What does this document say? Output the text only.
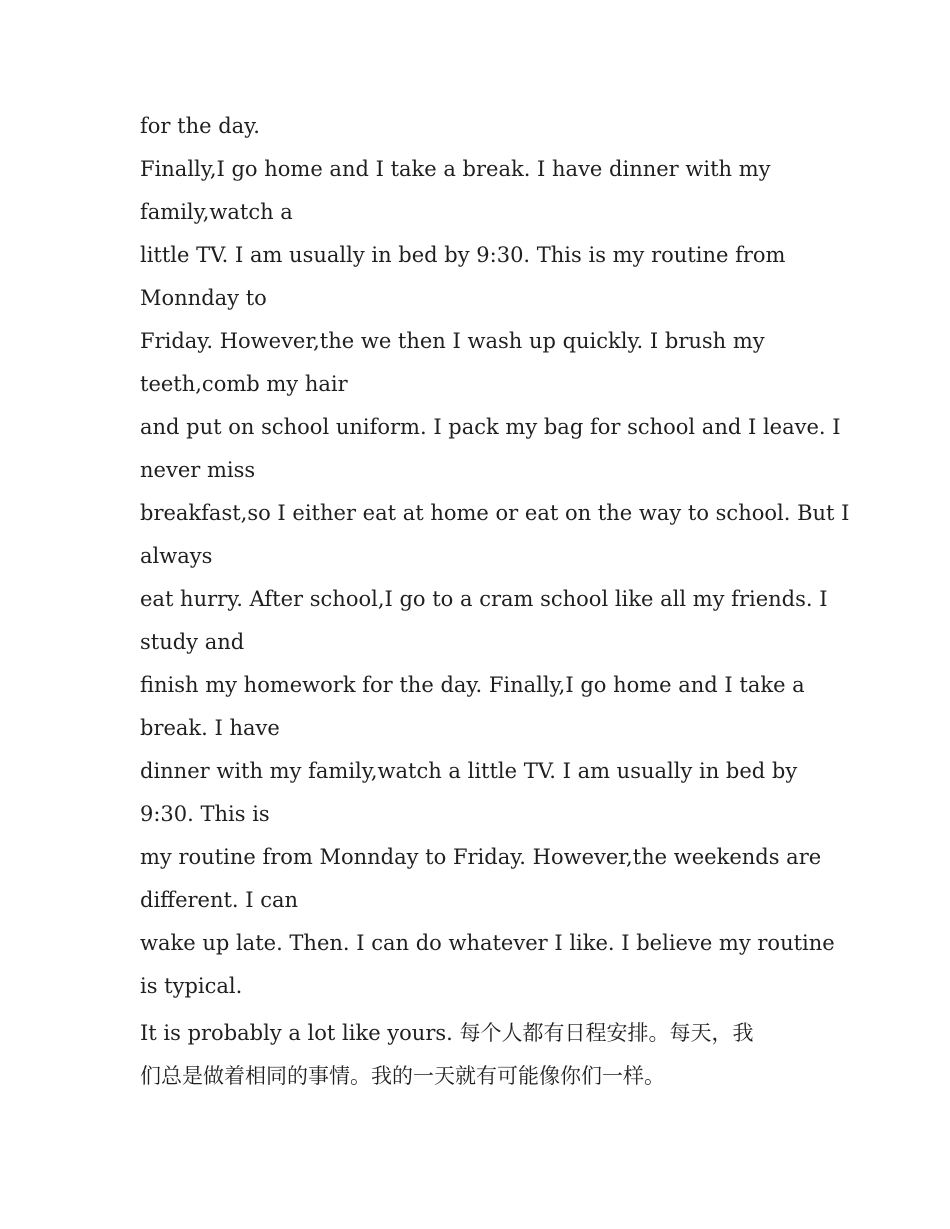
for the day.
Finally,I go home and I take a break. I have dinner with my
family,watch a
little TV. I am usually in bed by 9:30. This is my routine from
Monnday to
Friday. However,the we then I wash up quickly. I brush my
teeth,comb my hair
and put on school uniform. I pack my bag for school and I leave. I
never miss
breakfast,so I either eat at home or eat on the way to school. But I
always
eat hurry. After school,I go to a cram school like all my friends. I
study and
finish my homework for the day. Finally,I go home and I take a
break. I have
dinner with my family,watch a little TV. I am usually in bed by
9:30. This is
my routine from Monnday to Friday. However,the weekends are
different. I can
wake up late. Then. I can do whatever I like. I believe my routine
is typical.
It is probably a lot like yours. 每个人都有日程安排。每天，我
们总是做着相同的事情。我的一天就有可能像你们一样。
